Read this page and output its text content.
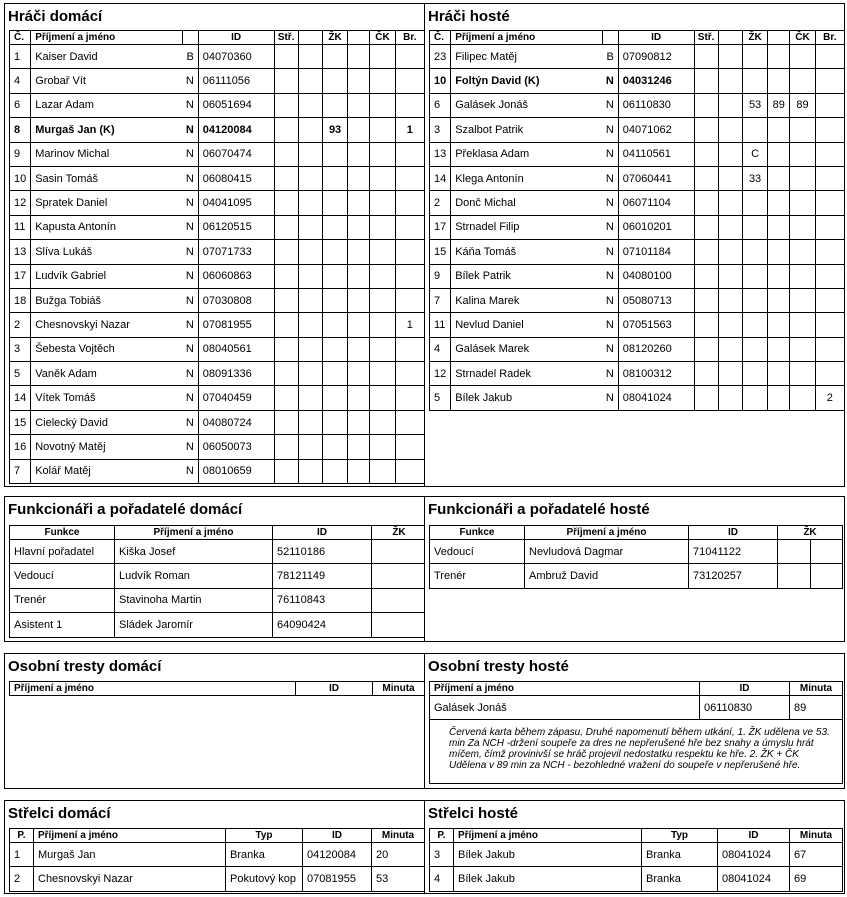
Hráči domácí
Č.	Příjmení a jméno		ID	Stř.		ŽK		ČK	Br.
1	Kaiser David	B	04070360						
4	Grobař Vít	N	06111056						
6	Lazar Adam	N	06051694						
8	Murgaš Jan (K)	N	04120084			93			1
9	Marinov Michal	N	06070474						
10	Sasin Tomáš	N	06080415						
12	Spratek Daniel	N	04041095						
11	Kapusta Antonín	N	06120515						
13	Slíva Lukáš	N	07071733						
17	Ludvík Gabriel	N	06060863						
18	Bužga Tobiáš	N	07030808						
2	Chesnovskyi Nazar	N	07081955						1
3	Šebesta Vojtěch	N	08040561						
5	Vaněk Adam	N	08091336						
14	Vítek Tomáš	N	07040459						
15	Cielecký David	N	04080724						
16	Novotný Matěj	N	06050073						
7	Kolář Matěj	N	08010659						
Hráči hosté
Č.	Příjmení a jméno		ID	Stř.		ŽK		ČK	Br.
23	Filipec Matěj	B	07090812						
10	Foltýn David (K)	N	04031246						
6	Galásek Jonáš	N	06110830			53	89	89	
3	Szalbot Patrik	N	04071062						
13	Překlasa Adam	N	04110561			C			
14	Klega Antonín	N	07060441			33			
2	Donč Michal	N	06071104						
17	Strnadel Filip	N	06010201						
15	Káňa Tomáš	N	07101184						
9	Bílek Patrik	N	04080100						
7	Kalina Marek	N	05080713						
11	Nevlud Daniel	N	07051563						
4	Galásek Marek	N	08120260						
12	Strnadel Radek	N	08100312						
5	Bílek Jakub	N	08041024						2
Funkcionáři a pořadatelé domácí
Funkce	Příjmení a jméno	ID	ŽK
Hlavní pořadatel	Kiška Josef	52110186	
Vedoucí	Ludvík Roman	78121149	
Trenér	Stavinoha Martin	76110843	
Asistent 1	Sládek Jaromír	64090424	
Funkcionáři a pořadatelé hosté
Funkce	Příjmení a jméno	ID	ŽK	
Vedoucí	Nevludová Dagmar	71041122		
Trenér	Ambruž David	73120257		
Osobní tresty domácí
Příjmení a jméno	ID	Minuta
Osobní tresty hosté
Příjmení a jméno	ID	Minuta
Galásek Jonáš	06110830	89

Červená karta během zápasu, Druhé napomenutí během utkání, 1. ŽK udělena ve 53. min Za NCH -držení soupeře za dres ne nepřerušené hře bez snahy a úmyslu hrát míčem, čímž provinivší se hráč projevil nedostatku respektu ke hře. 2. ŽK + ČK Udělena v 89 min za NCH - bezohledné vražení do soupeře v nepřerušené hře.
Střelci domácí
P.	Příjmení a jméno	Typ	ID	Minuta
1	Murgaš Jan	Branka	04120084	20
2	Chesnovskyi Nazar	Pokutový kop	07081955	53
Střelci hosté
P.	Příjmení a jméno	Typ	ID	Minuta
3	Bílek Jakub	Branka	08041024	67
4	Bílek Jakub	Branka	08041024	69
